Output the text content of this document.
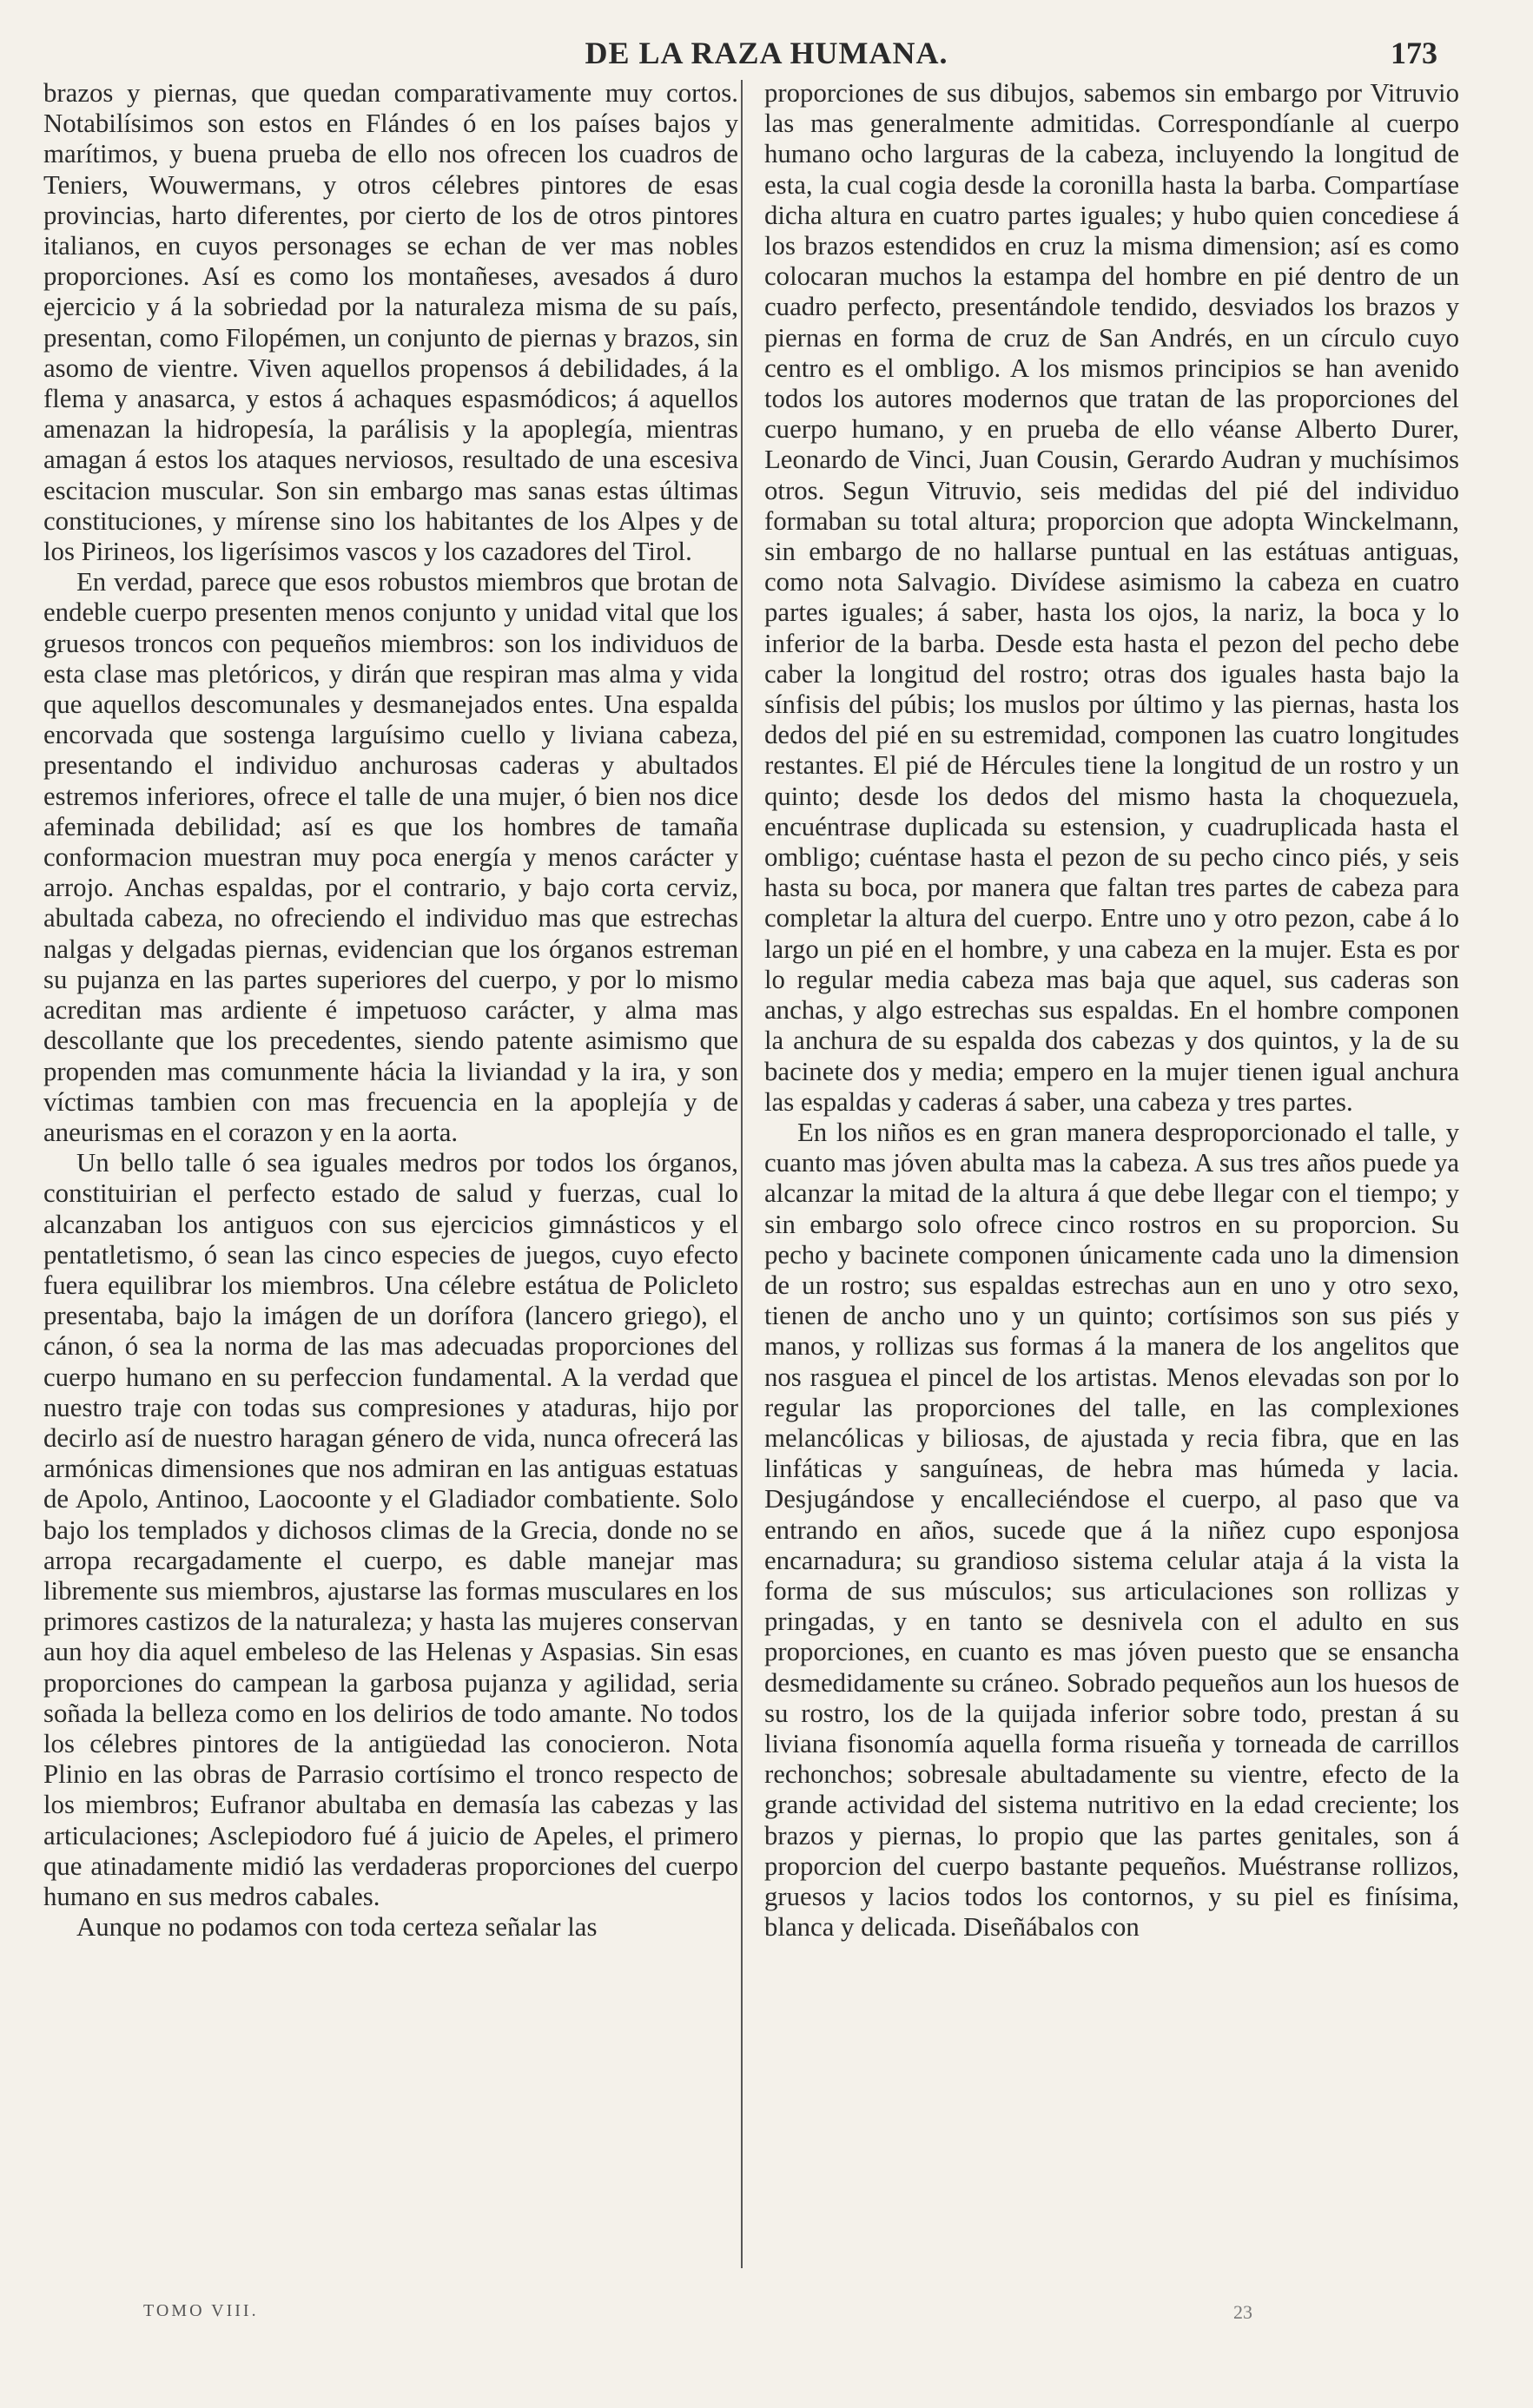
DE LA RAZA HUMANA.	173

brazos y piernas, que quedan comparativamente muy cortos. Notabilísimos son estos en Flándes ó en los países bajos y marítimos, y buena prueba de ello nos ofrecen los cuadros de Teniers, Wouwermans, y otros célebres pintores de esas provincias, harto diferentes, por cierto de los de otros pintores italianos, en cuyos personages se echan de ver mas nobles proporciones. Así es como los montañeses, avesados á duro ejercicio y á la sobriedad por la naturaleza misma de su país, presentan, como Filopémen, un conjunto de piernas y brazos, sin asomo de vientre. Viven aquellos propensos á debilidades, á la flema y anasarca, y estos á achaques espasmódicos; á aquellos amenazan la hidropesía, la parálisis y la apoplegía, mientras amagan á estos los ataques nerviosos, resultado de una escesiva escitacion muscular. Son sin embargo mas sanas estas últimas constituciones, y mírense sino los habitantes de los Alpes y de los Pirineos, los ligerísimos vascos y los cazadores del Tirol.

En verdad, parece que esos robustos miembros que brotan de endeble cuerpo presenten menos conjunto y unidad vital que los gruesos troncos con pequeños miembros: son los individuos de esta clase mas pletóricos, y dirán que respiran mas alma y vida que aquellos descomunales y desmanejados entes. Una espalda encorvada que sostenga larguísimo cuello y liviana cabeza, presentando el individuo anchurosas caderas y abultados estremos inferiores, ofrece el talle de una mujer, ó bien nos dice afeminada debilidad; así es que los hombres de tamaña conformacion muestran muy poca energía y menos carácter y arrojo. Anchas espaldas, por el contrario, y bajo corta cerviz, abultada cabeza, no ofreciendo el individuo mas que estrechas nalgas y delgadas piernas, evidencian que los órganos estreman su pujanza en las partes superiores del cuerpo, y por lo mismo acreditan mas ardiente é impetuoso carácter, y alma mas descollante que los precedentes, siendo patente asimismo que propenden mas comunmente hácia la liviandad y la ira, y son víctimas tambien con mas frecuencia en la apoplejía y de aneurismas en el corazon y en la aorta.

Un bello talle ó sea iguales medros por todos los órganos, constituirian el perfecto estado de salud y fuerzas, cual lo alcanzaban los antiguos con sus ejercicios gimnásticos y el pentatletismo, ó sean las cinco especies de juegos, cuyo efecto fuera equilibrar los miembros. Una célebre estátua de Policleto presentaba, bajo la imágen de un dorífora (lancero griego), el cánon, ó sea la norma de las mas adecuadas proporciones del cuerpo humano en su perfeccion fundamental. A la verdad que nuestro traje con todas sus compresiones y ataduras, hijo por decirlo así de nuestro haragan género de vida, nunca ofrecerá las armónicas dimensiones que nos admiran en las antiguas estatuas de Apolo, Antinoo, Laocoonte y el Gladiador combatiente. Solo bajo los templados y dichosos climas de la Grecia, donde no se arropa recargadamente el cuerpo, es dable manejar mas libremente sus miembros, ajustarse las formas musculares en los primores castizos de la naturaleza; y hasta las mujeres conservan aun hoy dia aquel embeleso de las Helenas y Aspasias. Sin esas proporciones do campean la garbosa pujanza y agilidad, seria soñada la belleza como en los delirios de todo amante. No todos los célebres pintores de la antigüedad las conocieron. Nota Plinio en las obras de Parrasio cortísimo el tronco respecto de los miembros; Eufranor abultaba en demasía las cabezas y las articulaciones; Asclepiodoro fué á juicio de Apeles, el primero que atinadamente midió las verdaderas proporciones del cuerpo humano en sus medros cabales.

Aunque no podamos con toda certeza señalar las

proporciones de sus dibujos, sabemos sin embargo por Vitruvio las mas generalmente admitidas. Correspondíanle al cuerpo humano ocho larguras de la cabeza, incluyendo la longitud de esta, la cual cogia desde la coronilla hasta la barba. Compartíase dicha altura en cuatro partes iguales; y hubo quien concediese á los brazos estendidos en cruz la misma dimension; así es como colocaran muchos la estampa del hombre en pié dentro de un cuadro perfecto, presentándole tendido, desviados los brazos y piernas en forma de cruz de San Andrés, en un círculo cuyo centro es el ombligo. A los mismos principios se han avenido todos los autores modernos que tratan de las proporciones del cuerpo humano, y en prueba de ello véanse Alberto Durer, Leonardo de Vinci, Juan Cousin, Gerardo Audran y muchísimos otros. Segun Vitruvio, seis medidas del pié del individuo formaban su total altura; proporcion que adopta Winckelmann, sin embargo de no hallarse puntual en las estátuas antiguas, como nota Salvagio. Divídese asimismo la cabeza en cuatro partes iguales; á saber, hasta los ojos, la nariz, la boca y lo inferior de la barba. Desde esta hasta el pezon del pecho debe caber la longitud del rostro; otras dos iguales hasta bajo la sínfisis del púbis; los muslos por último y las piernas, hasta los dedos del pié en su estremidad, componen las cuatro longitudes restantes. El pié de Hércules tiene la longitud de un rostro y un quinto; desde los dedos del mismo hasta la choquezuela, encuéntrase duplicada su estension, y cuadruplicada hasta el ombligo; cuéntase hasta el pezon de su pecho cinco piés, y seis hasta su boca, por manera que faltan tres partes de cabeza para completar la altura del cuerpo. Entre uno y otro pezon, cabe á lo largo un pié en el hombre, y una cabeza en la mujer. Esta es por lo regular media cabeza mas baja que aquel, sus caderas son anchas, y algo estrechas sus espaldas. En el hombre componen la anchura de su espalda dos cabezas y dos quintos, y la de su bacinete dos y media; empero en la mujer tienen igual anchura las espaldas y caderas á saber, una cabeza y tres partes.

En los niños es en gran manera desproporcionado el talle, y cuanto mas jóven abulta mas la cabeza. A sus tres años puede ya alcanzar la mitad de la altura á que debe llegar con el tiempo; y sin embargo solo ofrece cinco rostros en su proporcion. Su pecho y bacinete componen únicamente cada uno la dimension de un rostro; sus espaldas estrechas aun en uno y otro sexo, tienen de ancho uno y un quinto; cortísimos son sus piés y manos, y rollizas sus formas á la manera de los angelitos que nos rasguea el pincel de los artistas. Menos elevadas son por lo regular las proporciones del talle, en las complexiones melancólicas y biliosas, de ajustada y recia fibra, que en las linfáticas y sanguíneas, de hebra mas húmeda y lacia. Desjugándose y encalleciéndose el cuerpo, al paso que va entrando en años, sucede que á la niñez cupo esponjosa encarnadura; su grandioso sistema celular ataja á la vista la forma de sus músculos; sus articulaciones son rollizas y pringadas, y en tanto se desnivela con el adulto en sus proporciones, en cuanto es mas jóven puesto que se ensancha desmedidamente su cráneo. Sobrado pequeños aun los huesos de su rostro, los de la quijada inferior sobre todo, prestan á su liviana fisonomía aquella forma risueña y torneada de carrillos rechonchos; sobresale abultadamente su vientre, efecto de la grande actividad del sistema nutritivo en la edad creciente; los brazos y piernas, lo propio que las partes genitales, son á proporcion del cuerpo bastante pequeños. Muéstranse rollizos, gruesos y lacios todos los contornos, y su piel es finísima, blanca y delicada. Diseñábalos con

TOMO VIII.	23
